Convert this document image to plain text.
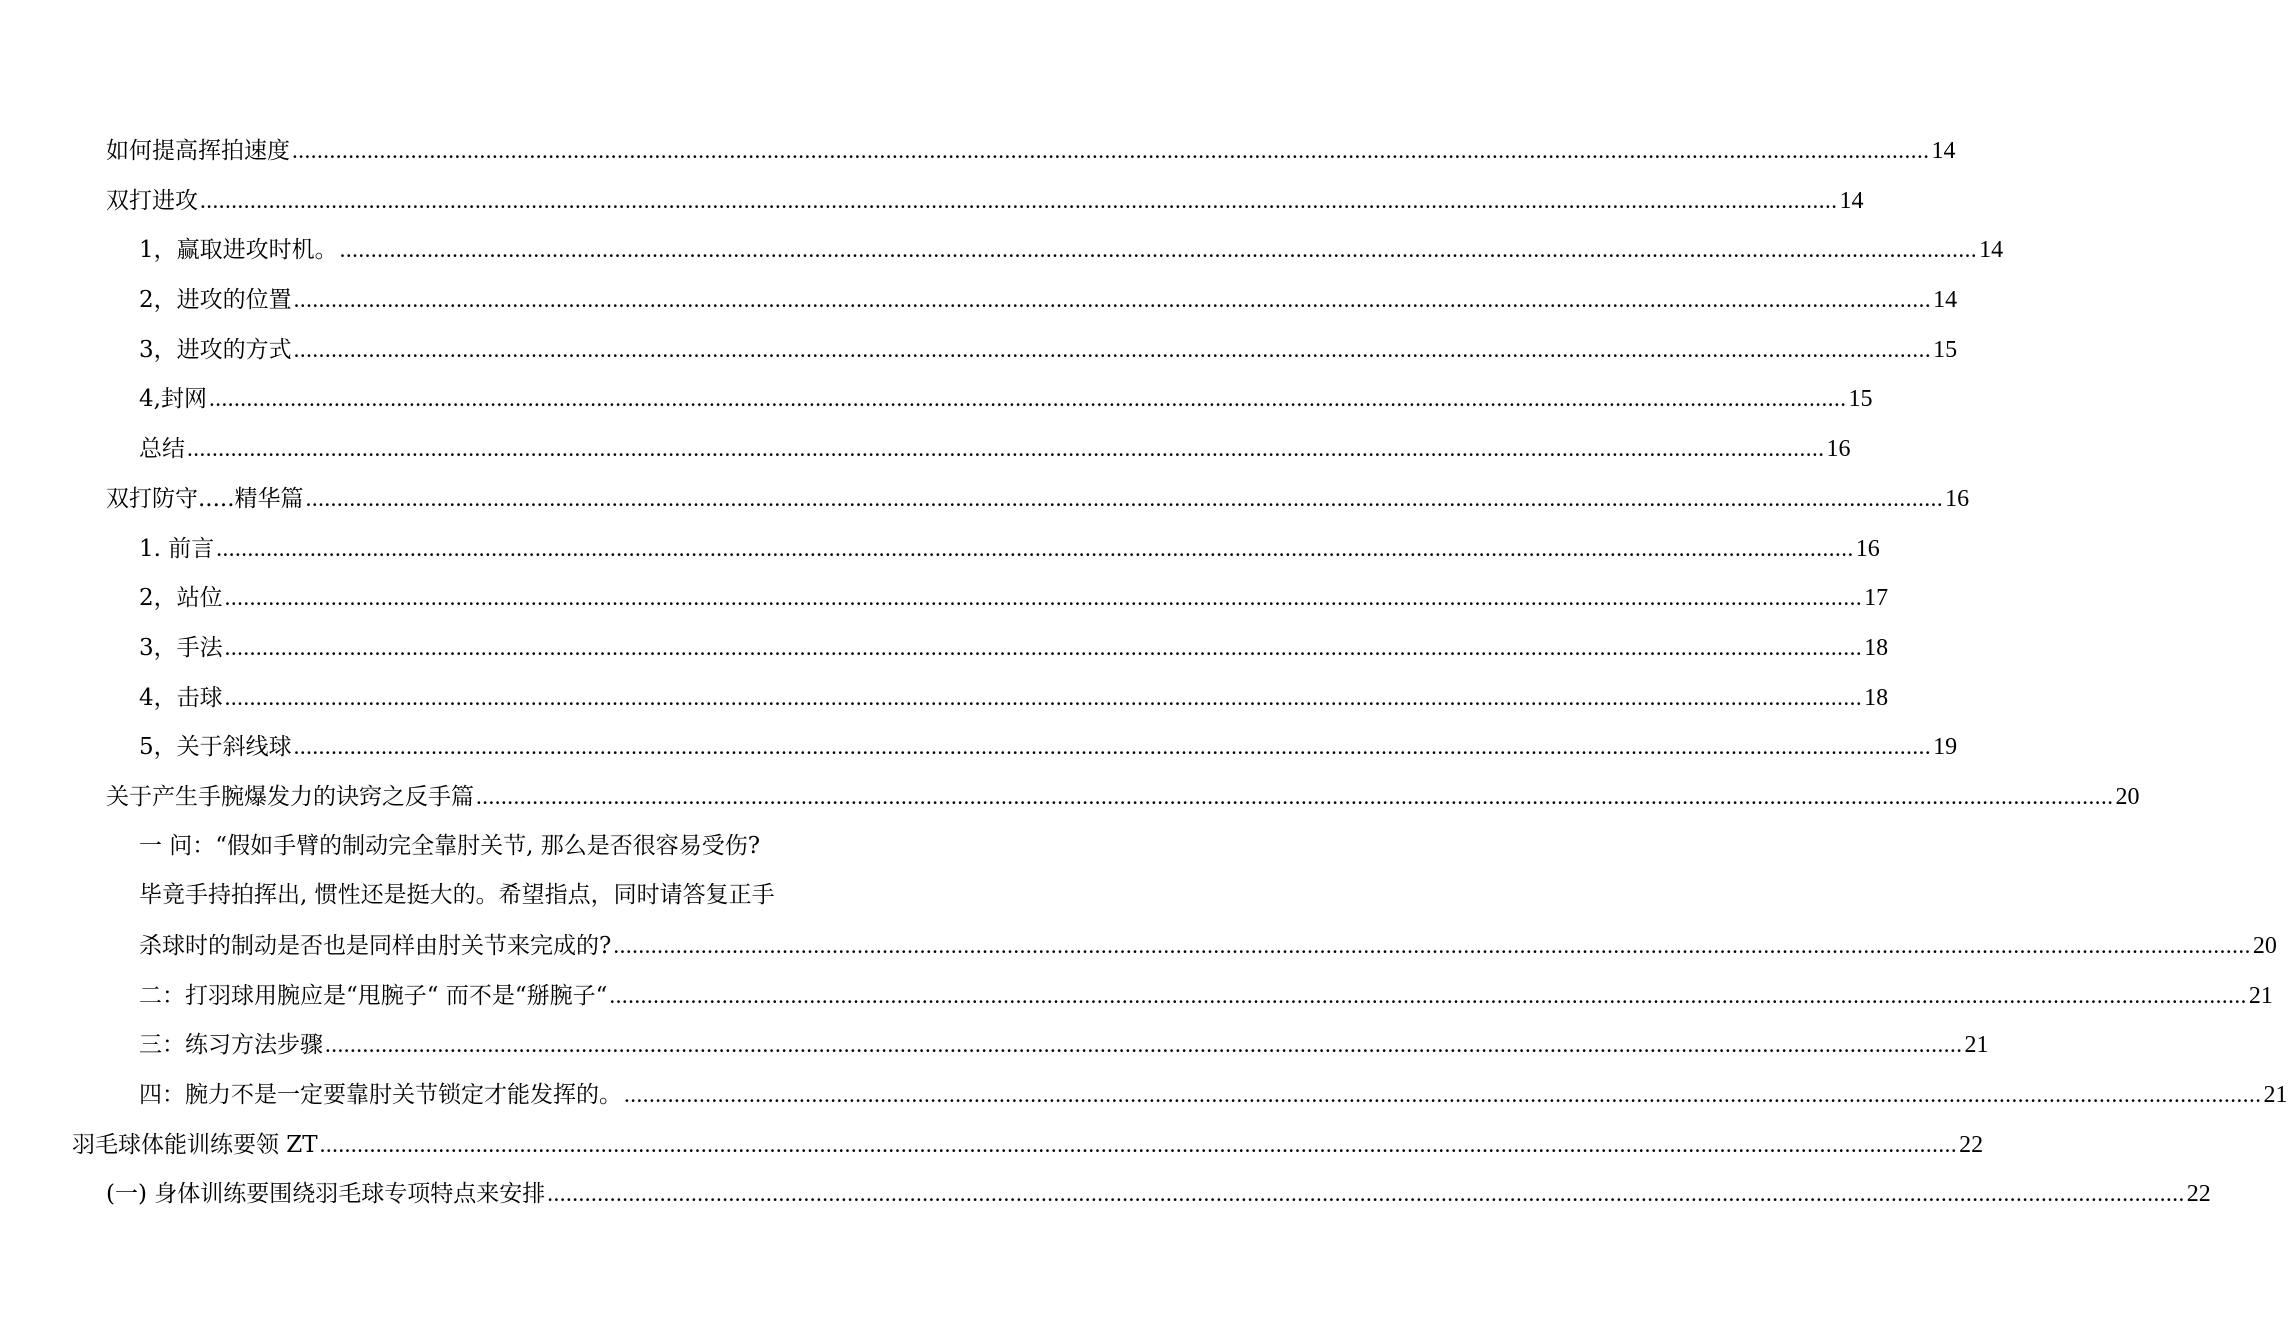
如何提高挥拍速度 .....	14
双打进攻 .....	14
1，赢取进攻时机。 .....	14
2，进攻的位置 .....	14
3，进攻的方式 .....	15
4,封网 .....	15
总结 .....	16
双打防守.....精华篇 .....	16
1. 前言 .....	16
2，站位 .....	17
3，手法 .....	18
4，击球 .....	18
5，关于斜线球 .....	19
关于产生手腕爆发力的诀窍之反手篇 .....	20
一 问：“假如手臂的制动完全靠肘关节, 那么是否很容易受伤?
毕竟手持拍挥出, 惯性还是挺大的。希望指点，同时请答复正手
杀球时的制动是否也是同样由肘关节来完成的? .....	20
二：打羽球用腕应是“甩腕子“ 而不是“掰腕子“ .....	21
三：练习方法步骤 .....	21
四：腕力不是一定要靠肘关节锁定才能发挥的。 .....	21
羽毛球体能训练要领 ZT .....	22
(一) 身体训练要围绕羽毛球专项特点来安排 .....	22
